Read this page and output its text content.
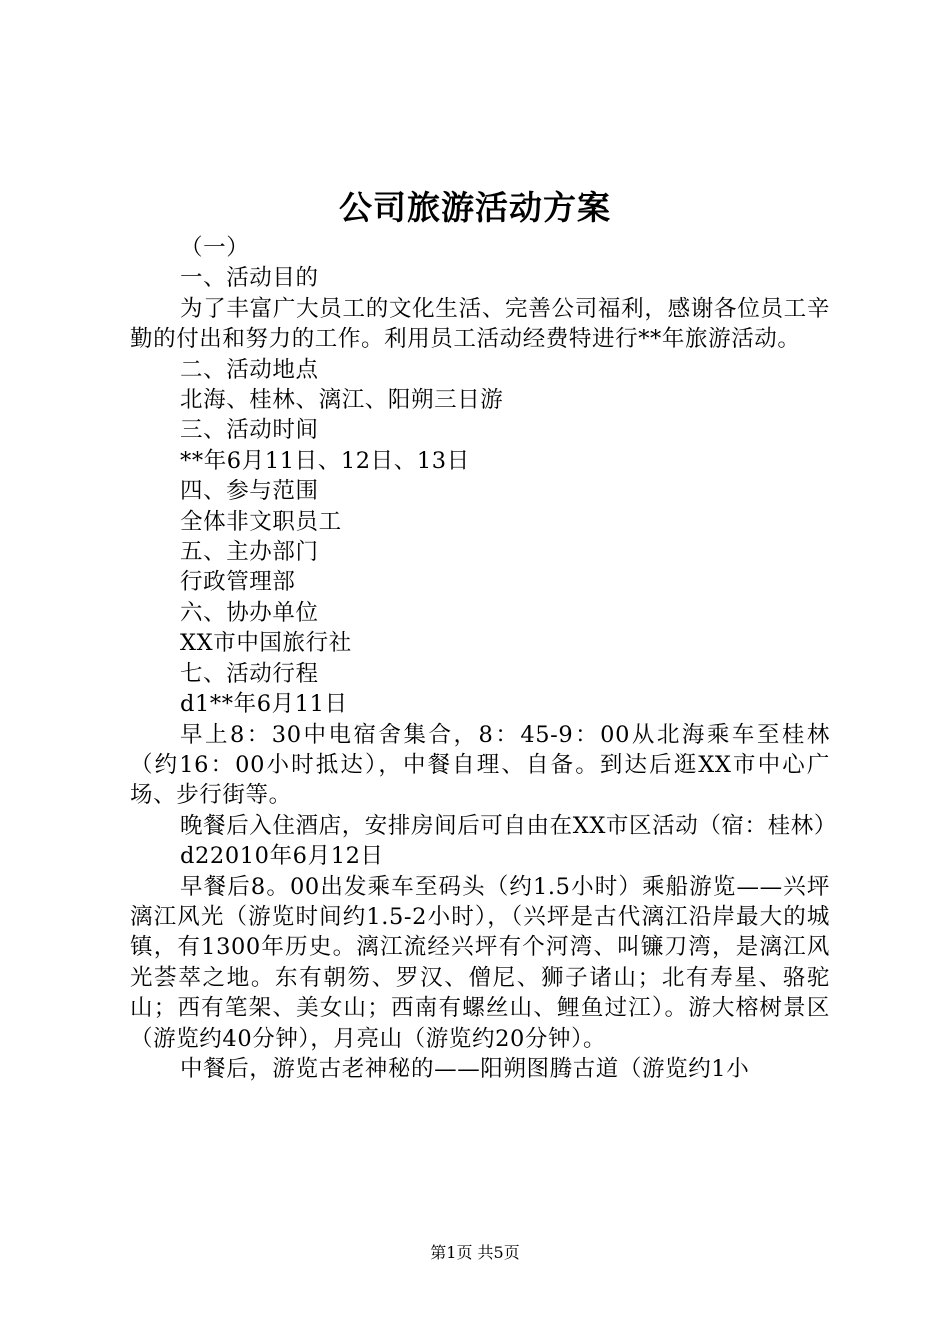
公司旅游活动方案

（一）

一、活动目的

为了丰富广大员工的文化生活、完善公司福利，感谢各位员工辛勤的付出和努力的工作。利用员工活动经费特进行**年旅游活动。

二、活动地点

北海、桂林、漓江、阳朔三日游

三、活动时间

**年6月11日、12日、13日

四、参与范围

全体非文职员工

五、主办部门

行政管理部

六、协办单位

XX市中国旅行社

七、活动行程

d1**年6月11日

早上8：30中电宿舍集合，8：45-9：00从北海乘车至桂林（约16：00小时抵达），中餐自理、自备。到达后逛XX市中心广场、步行街等。

晚餐后入住酒店，安排房间后可自由在XX市区活动（宿：桂林）

d22010年6月12日

早餐后8。00出发乘车至码头（约1.5小时）乘船游览——兴坪漓江风光（游览时间约1.5-2小时），（兴坪是古代漓江沿岸最大的城镇，有1300年历史。漓江流经兴坪有个河湾、叫镰刀湾，是漓江风光荟萃之地。东有朝笏、罗汉、僧尼、狮子诸山；北有寿星、骆驼山；西有笔架、美女山；西南有螺丝山、鲤鱼过江）。游大榕树景区（游览约40分钟），月亮山（游览约20分钟）。

中餐后，游览古老神秘的——阳朔图腾古道（游览约1小

第1页 共5页
